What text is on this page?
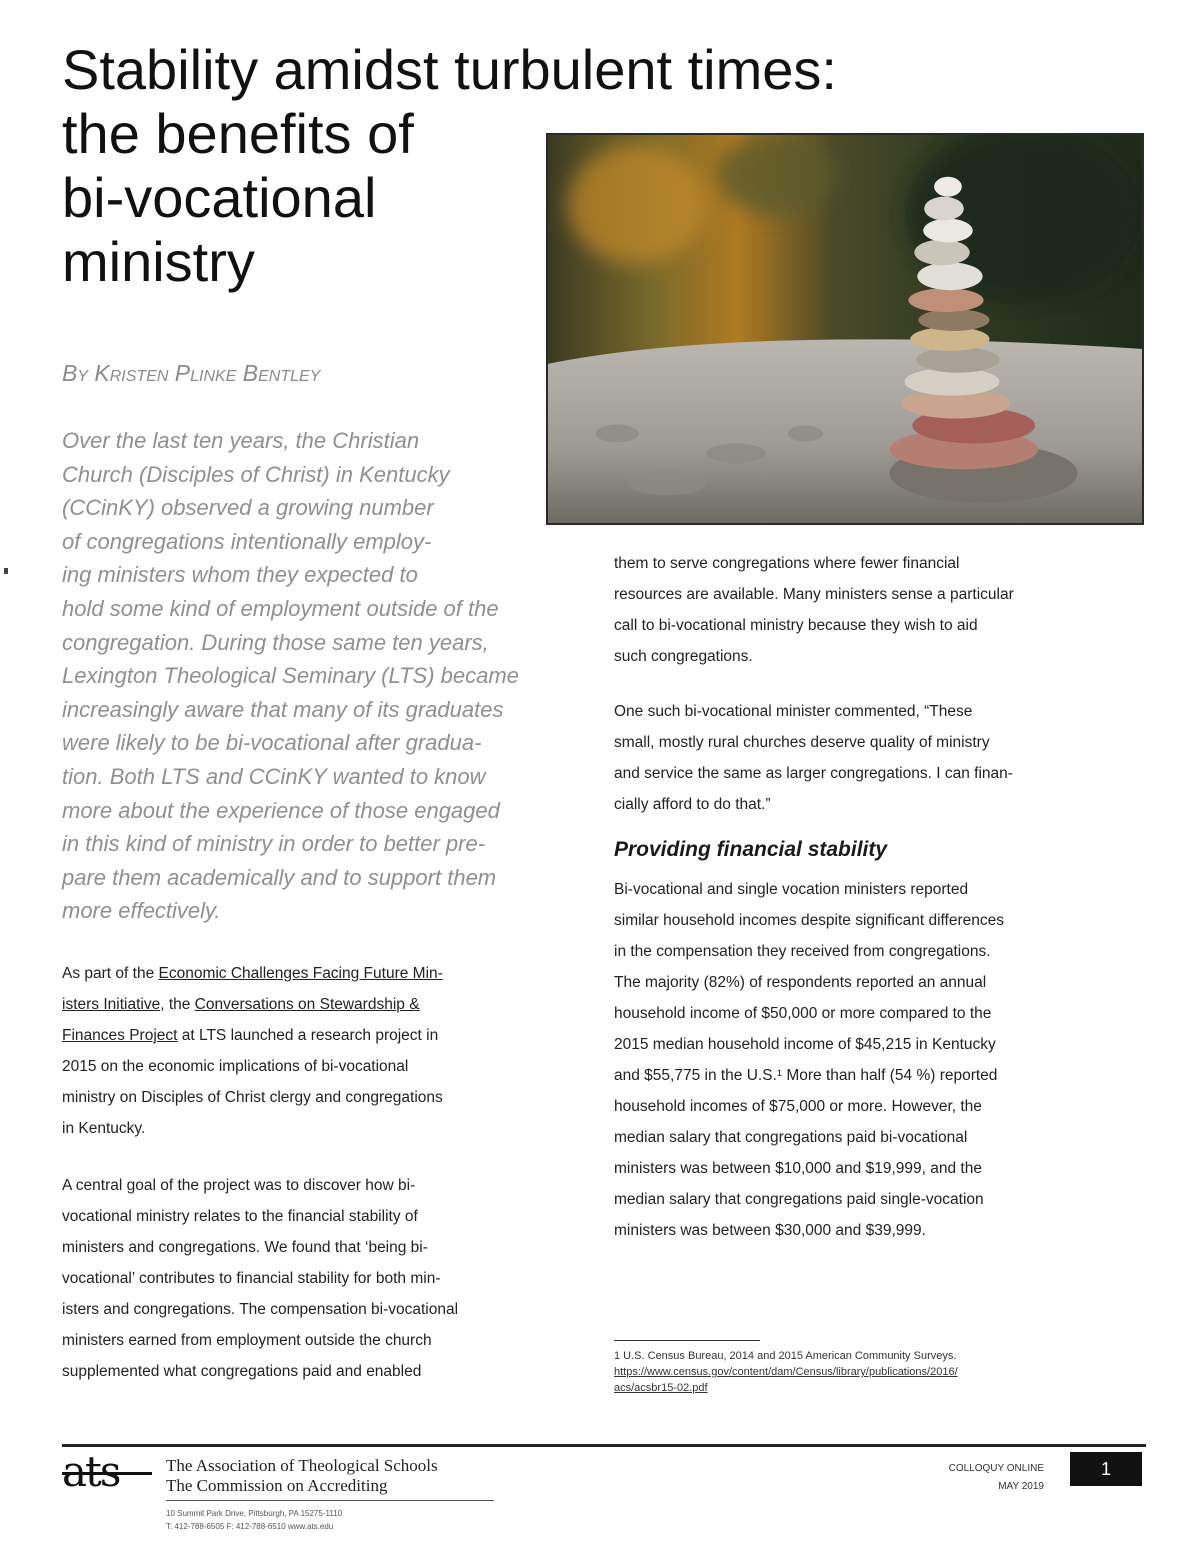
Stability amidst turbulent times:
the benefits of
bi-vocational
ministry

By Kristen Plinke Bentley

Over the last ten years, the Christian
Church (Disciples of Christ) in Kentucky
(CCinKY) observed a growing number
of congregations intentionally employ-
ing ministers whom they expected to
hold some kind of employment outside of the
congregation. During those same ten years,
Lexington Theological Seminary (LTS) became
increasingly aware that many of its graduates
were likely to be bi-vocational after gradua-
tion. Both LTS and CCinKY wanted to know
more about the experience of those engaged
in this kind of ministry in order to better pre-
pare them academically and to support them
more effectively.

As part of the Economic Challenges Facing Future Min-
isters Initiative, the Conversations on Stewardship &
Finances Project at LTS launched a research project in
2015 on the economic implications of bi-vocational
ministry on Disciples of Christ clergy and congregations
in Kentucky.

A central goal of the project was to discover how bi-
vocational ministry relates to the financial stability of
ministers and congregations. We found that ‘being bi-
vocational’ contributes to financial stability for both min-
isters and congregations. The compensation bi-vocational
ministers earned from employment outside the church
supplemented what congregations paid and enabled

them to serve congregations where fewer financial
resources are available. Many ministers sense a particular
call to bi-vocational ministry because they wish to aid
such congregations.

One such bi-vocational minister commented, “These
small, mostly rural churches deserve quality of ministry
and service the same as larger congregations. I can finan-
cially afford to do that.”

Providing financial stability

Bi-vocational and single vocation ministers reported
similar household incomes despite significant differences
in the compensation they received from congregations.
The majority (82%) of respondents reported an annual
household income of $50,000 or more compared to the
2015 median household income of $45,215 in Kentucky
and $55,775 in the U.S.¹ More than half (54 %) reported
household incomes of $75,000 or more. However, the
median salary that congregations paid bi-vocational
ministers was between $10,000 and $19,999, and the
median salary that congregations paid single-vocation
ministers was between $30,000 and $39,999.

1 U.S. Census Bureau, 2014 and 2015 American Community Surveys.
https://www.census.gov/content/dam/Census/library/publications/2016/
acs/acsbr15-02.pdf

ats	The Association of Theological Schools
The Commission on Accrediting

10 Summit Park Drive, Pittsburgh, PA 15275-1110
T: 412-788-6505 F: 412-788-6510 www.ats.edu

COLLOQUY ONLINE
MAY 2019

1
